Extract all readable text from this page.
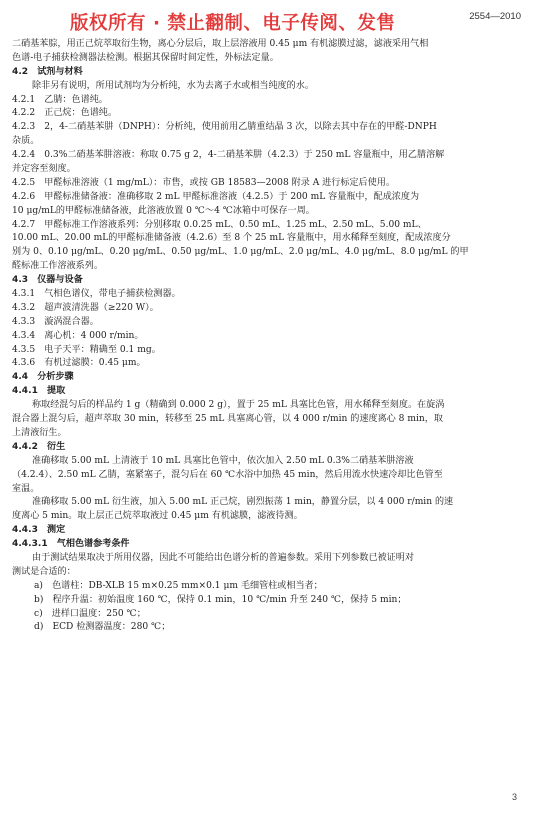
版权所有 · 禁止翻制、电子传阅、发售	2554—2010
二硝基苯腙，用正己烷萃取衍生物，离心分层后，取上层溶液用 0.45 μm 有机滤膜过滤，滤液采用气相
色谱-电子捕获检测器法检测。根据其保留时间定性，外标法定量。
4.2　试剂与材料
除非另有说明，所用试剂均为分析纯，水为去离子水或相当纯度的水。
4.2.1　乙腈：色谱纯。
4.2.2　正己烷：色谱纯。
4.2.3　2，4-二硝基苯肼（DNPH）：分析纯，使用前用乙腈重结晶 3 次，以除去其中存在的甲醛-DNPH
杂质。
4.2.4　0.3%二硝基苯肼溶液：称取 0.75 g 2，4-二硝基苯肼（4.2.3）于 250 mL 容量瓶中，用乙腈溶解
并定容至刻度。
4.2.5　甲醛标准溶液（1 mg/mL）：市售，或按 GB 18583—2008 附录 A 进行标定后使用。
4.2.6　甲醛标准储备液：准确移取 2 mL 甲醛标准溶液（4.2.5）于 200 mL 容量瓶中，配成浓度为
10 μg/mL的甲醛标准储备液，此溶液放置 0 ℃～4 ℃冰箱中可保存一周。
4.2.7　甲醛标准工作溶液系列：分别移取 0.0.25 mL、0.50 mL、1.25 mL、2.50 mL、5.00 mL、
10.00 mL、20.00 mL的甲醛标准储备液（4.2.6）至 8 个 25 mL 容量瓶中，用水稀释至刻度，配成浓度分
别为 0、0.10 μg/mL、0.20 μg/mL、0.50 μg/mL、1.0 μg/mL、2.0 μg/mL、4.0 μg/mL、8.0 μg/mL 的甲
醛标准工作溶液系列。
4.3　仪器与设备
4.3.1　气相色谱仪，带电子捕获检测器。
4.3.2　超声波清洗器（≥220 W）。
4.3.3　漩涡混合器。
4.3.4　离心机：4 000 r/min。
4.3.5　电子天平：精确至 0.1 mg。
4.3.6　有机过滤膜：0.45 μm。
4.4　分析步骤
4.4.1　提取
称取经混匀后的样品约 1 g（精确到 0.000 2 g），置于 25 mL 具塞比色管，用水稀释至刻度。在旋涡
混合器上混匀后，超声萃取 30 min，转移至 25 mL 具塞离心管，以 4 000 r/min 的速度离心 8 min，取
上清液衍生。
4.4.2　衍生
准确移取 5.00 mL 上清液于 10 mL 具塞比色管中，依次加入 2.50 mL 0.3%二硝基苯肼溶液
（4.2.4）、2.50 mL 乙腈，塞紧塞子，混匀后在 60 ℃水浴中加热 45 min，然后用流水快速冷却比色管至
室温。
准确移取 5.00 mL 衍生液，加入 5.00 mL 正己烷，剧烈振荡 1 min，静置分层，以 4 000 r/min 的速
度离心 5 min。取上层正己烷萃取液过 0.45 μm 有机滤膜，滤液待测。
4.4.3　测定
4.4.3.1　气相色谱参考条件
由于测试结果取决于所用仪器，因此不可能给出色谱分析的普遍参数。采用下列参数已被证明对
测试是合适的：
a)　色谱柱：DB-XLB 15 m×0.25 mm×0.1 μm 毛细管柱或相当者；
b)　程序升温：初始温度 160 ℃，保持 0.1 min，10 ℃/min 升至 240 ℃，保持 5 min；
c)　进样口温度：250 ℃；
d)　ECD 检测器温度：280 ℃；
3
